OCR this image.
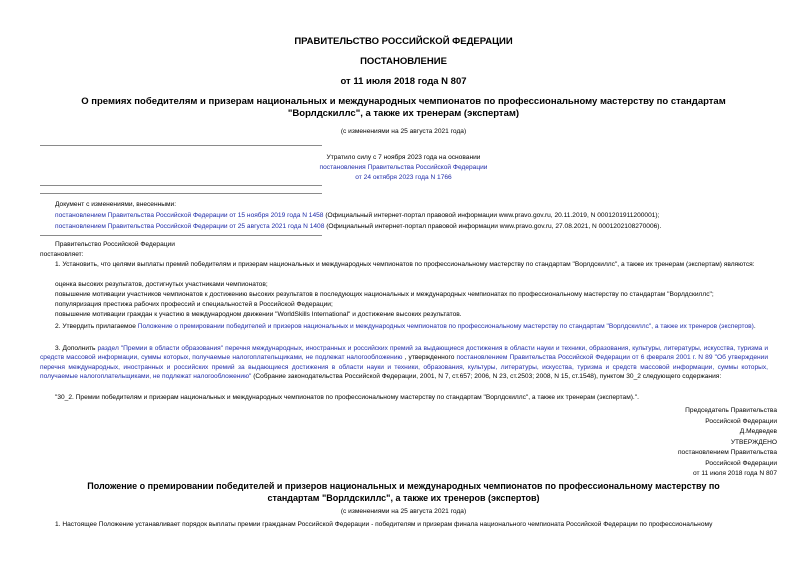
ПРАВИТЕЛЬСТВО РОССИЙСКОЙ ФЕДЕРАЦИИ
ПОСТАНОВЛЕНИЕ
от 11 июля 2018 года N 807
О премиях победителям и призерам национальных и международных чемпионатов по профессиональному мастерству по стандартам "Ворлдскиллс", а также их тренерам (экспертам)
(с изменениями на 25 августа 2021 года)
Утратило силу с 7 ноября 2023 года на основании
постановления Правительства Российской Федерации
от 24 октября 2023 года N 1766
Документ с изменениями, внесенными:
постановлением Правительства Российской Федерации от 15 ноября 2019 года N 1458 (Официальный интернет-портал правовой информации www.pravo.gov.ru, 20.11.2019, N 0001201911200001);
постановлением Правительства Российской Федерации от 25 августа 2021 года N 1408 (Официальный интернет-портал правовой информации www.pravo.gov.ru, 27.08.2021, N 0001202108270006).
Правительство Российской Федерации
постановляет:
1. Установить, что целями выплаты премий победителям и призерам национальных и международных чемпионатов по профессиональному мастерству по стандартам "Ворлдскиллс", а также их тренерам (экспертам) являются:
оценка высоких результатов, достигнутых участниками чемпионатов;
повышение мотивации участников чемпионатов к достижению высоких результатов в последующих национальных и международных чемпионатах по профессиональному мастерству по стандартам "Ворлдскиллс";
популяризация престижа рабочих профессий и специальностей в Российской Федерации;
повышение мотивации граждан к участию в международном движении "WorldSkills International" и достижение высоких результатов.
2. Утвердить прилагаемое Положение о премировании победителей и призеров национальных и международных чемпионатов по профессиональному мастерству по стандартам "Ворлдскиллс", а также их тренеров (экспертов).
3. Дополнить раздел "Премии в области образования" перечня международных, иностранных и российских премий за выдающиеся достижения в области науки и техники, образования, культуры, литературы, искусства, туризма и средств массовой информации, суммы которых, получаемые налогоплательщиками, не подлежат налогообложению , утвержденного постановлением Правительства Российской Федерации от 6 февраля 2001 г. N 89 "Об утверждении перечня международных, иностранных и российских премий за выдающиеся достижения в области науки и техники, образования, культуры, литературы, искусства, туризма и средств массовой информации, суммы которых, получаемые налогоплательщиками, не подлежат налогообложению" (Собрание законодательства Российской Федерации, 2001, N 7, ст.657; 2006, N 23, ст.2503; 2008, N 15, ст.1548), пунктом 30_2 следующего содержания:
"30_2. Премии победителям и призерам национальных и международных чемпионатов по профессиональному мастерству по стандартам "Ворлдскиллс", а также их тренерам (экспертам).".
Председатель Правительства
Российской Федерации
Д.Медведев
УТВЕРЖДЕНО
постановлением Правительства
Российской Федерации
от 11 июля 2018 года N 807
Положение о премировании победителей и призеров национальных и международных чемпионатов по профессиональному мастерству по стандартам "Ворлдскиллс", а также их тренеров (экспертов)
(с изменениями на 25 августа 2021 года)
1. Настоящее Положение устанавливает порядок выплаты премии гражданам Российской Федерации - победителям и призерам финала национального чемпионата Российской Федерации по профессиональному
